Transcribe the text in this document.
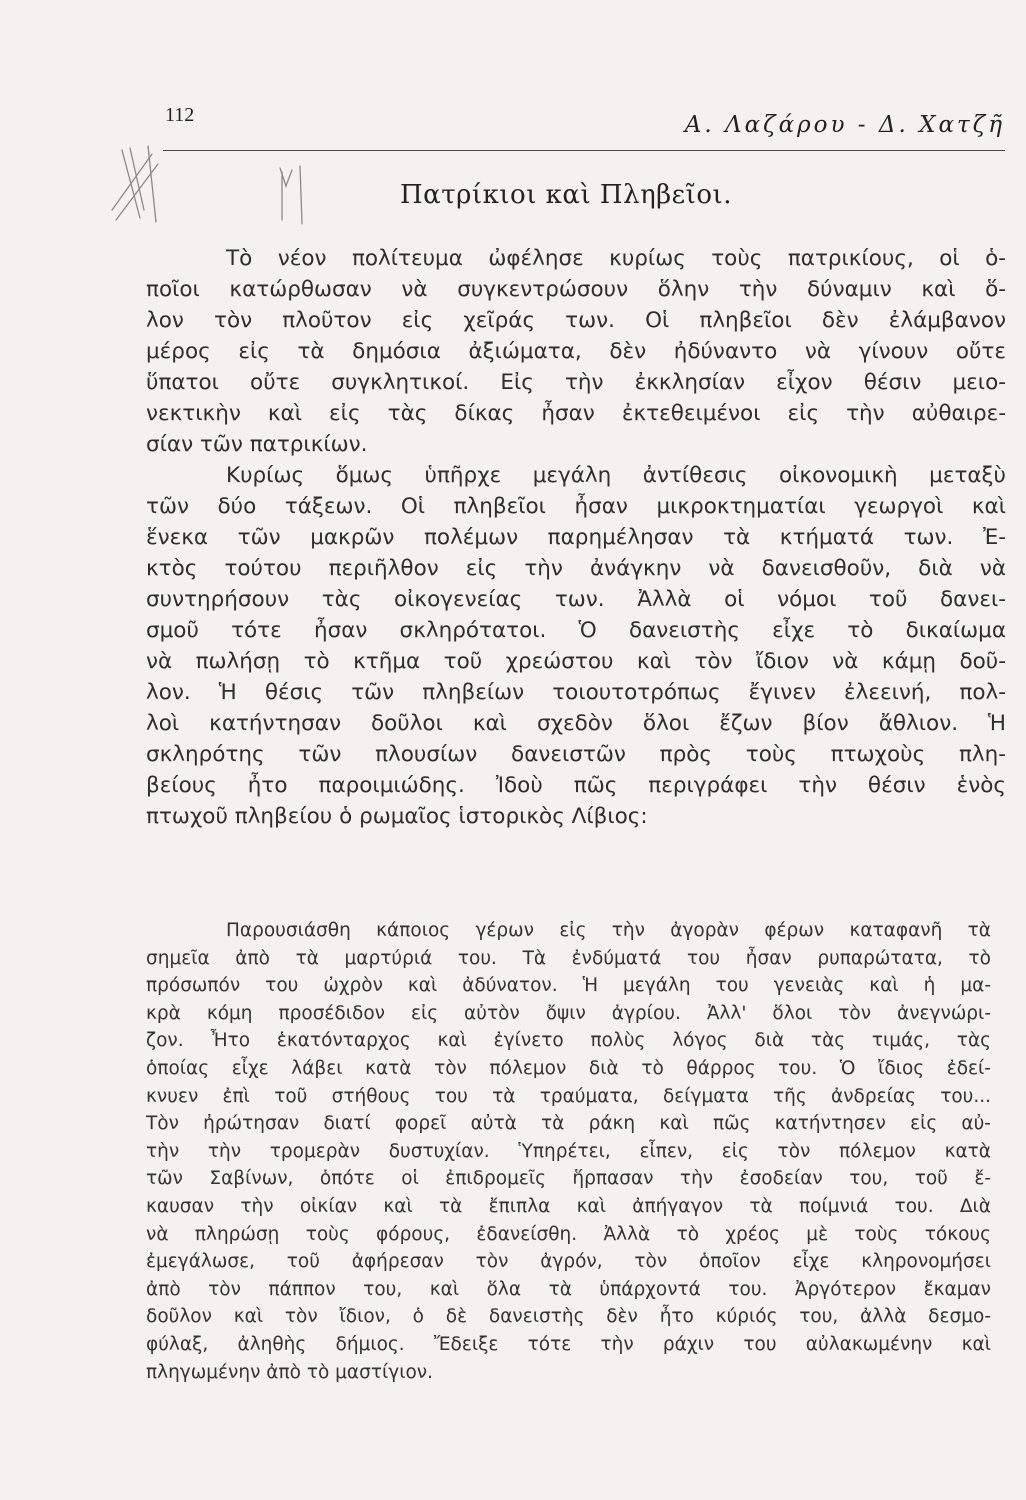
112	Α. Λαζάρου - Δ. Χατζῆ
Πατρίκιοι καὶ Πληβεῖοι.
Τὸ νέον πολίτευμα ὠφέλησε κυρίως τοὺς πατρικίους, οἱ ὁ-
ποῖοι κατώρθωσαν νὰ συγκεντρώσουν ὅλην τὴν δύναμιν καὶ ὅ-
λον τὸν πλοῦτον εἰς χεῖράς των. Οἱ πληβεῖοι δὲν ἐλάμβανον
μέρος εἰς τὰ δημόσια ἀξιώματα, δὲν ἠδύναντο νὰ γίνουν οὔτε
ὕπατοι οὔτε συγκλητικοί. Εἰς τὴν ἐκκλησίαν εἶχον θέσιν μειο-
νεκτικὴν καὶ εἰς τὰς δίκας ἦσαν ἐκτεθειμένοι εἰς τὴν αὐθαιρε-
σίαν τῶν πατρικίων.
Κυρίως ὅμως ὑπῆρχε μεγάλη ἀντίθεσις οἰκονομικὴ μεταξὺ
τῶν δύο τάξεων. Οἱ πληβεῖοι ἦσαν μικροκτηματίαι γεωργοὶ καὶ
ἕνεκα τῶν μακρῶν πολέμων παρημέλησαν τὰ κτήματά των. Ἐ-
κτὸς τούτου περιῆλθον εἰς τὴν ἀνάγκην νὰ δανεισθοῦν, διὰ νὰ
συντηρήσουν τὰς οἰκογενείας των. Ἀλλὰ οἱ νόμοι τοῦ δανει-
σμοῦ τότε ἦσαν σκληρότατοι. Ὁ δανειστὴς εἶχε τὸ δικαίωμα
νὰ πωλήσῃ τὸ κτῆμα τοῦ χρεώστου καὶ τὸν ἴδιον νὰ κάμῃ δοῦ-
λον. Ἡ θέσις τῶν πληβείων τοιουτοτρόπως ἔγινεν ἐλεεινή, πολ-
λοὶ κατήντησαν δοῦλοι καὶ σχεδὸν ὅλοι ἔζων βίον ἄθλιον. Ἡ
σκληρότης τῶν πλουσίων δανειστῶν πρὸς τοὺς πτωχοὺς πλη-
βείους ἦτο παροιμιώδης. Ἰδοὺ πῶς περιγράφει τὴν θέσιν ἑνὸς
πτωχοῦ πληβείου ὁ ρωμαῖος ἱστορικὸς Λίβιος:
Παρουσιάσθη κάποιος γέρων εἰς τὴν ἀγορὰν φέρων καταφανῆ τὰ
σημεῖα ἀπὸ τὰ μαρτύριά του. Τὰ ἐνδύματά του ἦσαν ρυπαρώτατα, τὸ
πρόσωπόν του ὠχρὸν καὶ ἀδύνατον. Ἡ μεγάλη του γενειὰς καὶ ἡ μα-
κρὰ κόμη προσέδιδον εἰς αὐτὸν ὄψιν ἀγρίου. Ἀλλ' ὅλοι τὸν ἀνεγνώρι-
ζον. Ἦτο ἑκατόνταρχος καὶ ἐγίνετο πολὺς λόγος διὰ τὰς τιμάς, τὰς
ὁποίας εἶχε λάβει κατὰ τὸν πόλεμον διὰ τὸ θάρρος του. Ὁ ἴδιος ἐδεί-
κνυεν ἐπὶ τοῦ στήθους του τὰ τραύματα, δείγματα τῆς ἀνδρείας του...
Τὸν ἠρώτησαν διατί φορεῖ αὐτὰ τὰ ράκη καὶ πῶς κατήντησεν εἰς αὐ-
τὴν τὴν τρομερὰν δυστυχίαν. Ὑπηρέτει, εἶπεν, εἰς τὸν πόλεμον κατὰ
τῶν Σαβίνων, ὁπότε οἱ ἐπιδρομεῖς ἥρπασαν τὴν ἐσοδείαν του, τοῦ ἔ-
καυσαν τὴν οἰκίαν καὶ τὰ ἔπιπλα καὶ ἀπήγαγον τὰ ποίμνιά του. Διὰ
νὰ πληρώσῃ τοὺς φόρους, ἐδανείσθη. Ἀλλὰ τὸ χρέος μὲ τοὺς τόκους
ἐμεγάλωσε, τοῦ ἀφήρεσαν τὸν ἀγρόν, τὸν ὁποῖον εἶχε κληρονομήσει
ἀπὸ τὸν πάππον του, καὶ ὅλα τὰ ὑπάρχοντά του. Ἀργότερον ἔκαμαν
δοῦλον καὶ τὸν ἴδιον, ὁ δὲ δανειστὴς δὲν ἦτο κύριός του, ἀλλὰ δεσμο-
φύλαξ, ἀληθὴς δήμιος. Ἔδειξε τότε τὴν ράχιν του αὐλακωμένην καὶ
πληγωμένην ἀπὸ τὸ μαστίγιον.
